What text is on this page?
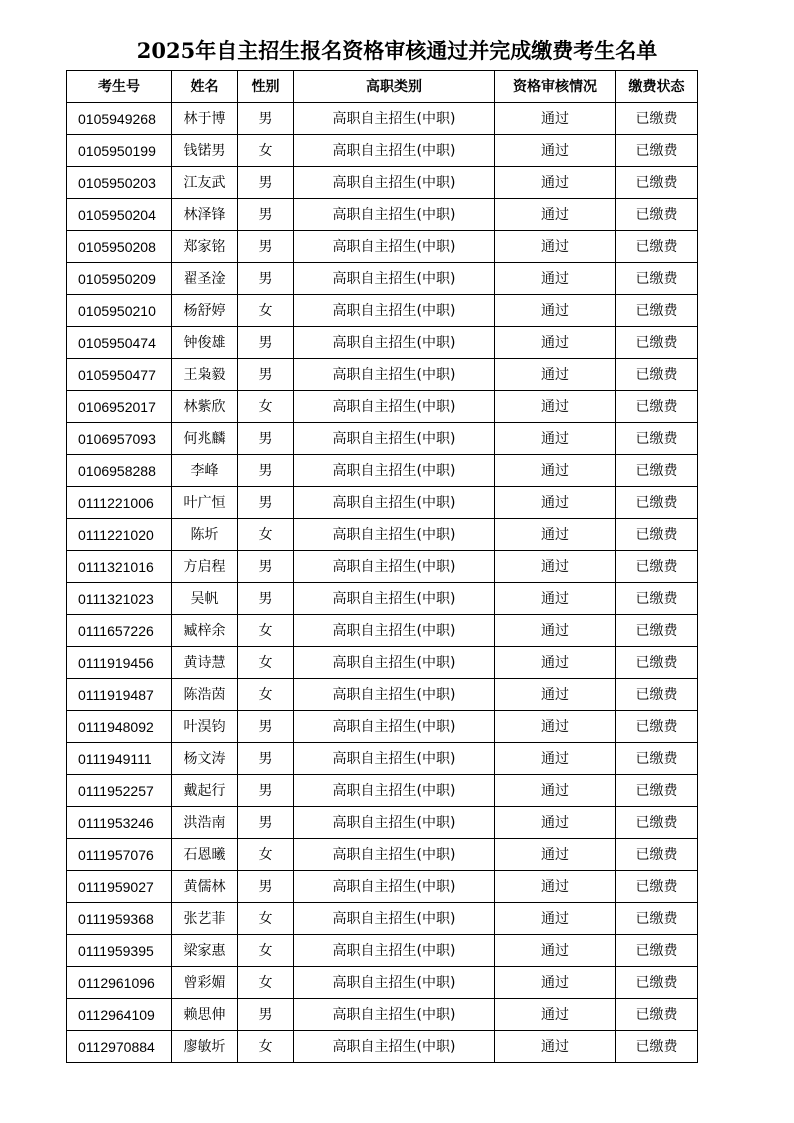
2025年自主招生报名资格审核通过并完成缴费考生名单
考生号	姓名	性别	高职类别	资格审核情况	缴费状态
0105949268	林于博	男	高职自主招生(中职)	通过	已缴费
0105950199	钱锘男	女	高职自主招生(中职)	通过	已缴费
0105950203	江友武	男	高职自主招生(中职)	通过	已缴费
0105950204	林泽锋	男	高职自主招生(中职)	通过	已缴费
0105950208	郑家铭	男	高职自主招生(中职)	通过	已缴费
0105950209	翟圣淦	男	高职自主招生(中职)	通过	已缴费
0105950210	杨舒婷	女	高职自主招生(中职)	通过	已缴费
0105950474	钟俊雄	男	高职自主招生(中职)	通过	已缴费
0105950477	王枭毅	男	高职自主招生(中职)	通过	已缴费
0106952017	林紫欣	女	高职自主招生(中职)	通过	已缴费
0106957093	何兆麟	男	高职自主招生(中职)	通过	已缴费
0106958288	李峰	男	高职自主招生(中职)	通过	已缴费
0111221006	叶广恒	男	高职自主招生(中职)	通过	已缴费
0111221020	陈圻	女	高职自主招生(中职)	通过	已缴费
0111321016	方启程	男	高职自主招生(中职)	通过	已缴费
0111321023	吴帆	男	高职自主招生(中职)	通过	已缴费
0111657226	臧梓余	女	高职自主招生(中职)	通过	已缴费
0111919456	黄诗慧	女	高职自主招生(中职)	通过	已缴费
0111919487	陈浩茵	女	高职自主招生(中职)	通过	已缴费
0111948092	叶淏钧	男	高职自主招生(中职)	通过	已缴费
0111949111	杨文涛	男	高职自主招生(中职)	通过	已缴费
0111952257	戴起行	男	高职自主招生(中职)	通过	已缴费
0111953246	洪浩南	男	高职自主招生(中职)	通过	已缴费
0111957076	石恩曦	女	高职自主招生(中职)	通过	已缴费
0111959027	黄儒林	男	高职自主招生(中职)	通过	已缴费
0111959368	张艺菲	女	高职自主招生(中职)	通过	已缴费
0111959395	梁家惠	女	高职自主招生(中职)	通过	已缴费
0112961096	曾彩媚	女	高职自主招生(中职)	通过	已缴费
0112964109	赖思伸	男	高职自主招生(中职)	通过	已缴费
0112970884	廖敏圻	女	高职自主招生(中职)	通过	已缴费
